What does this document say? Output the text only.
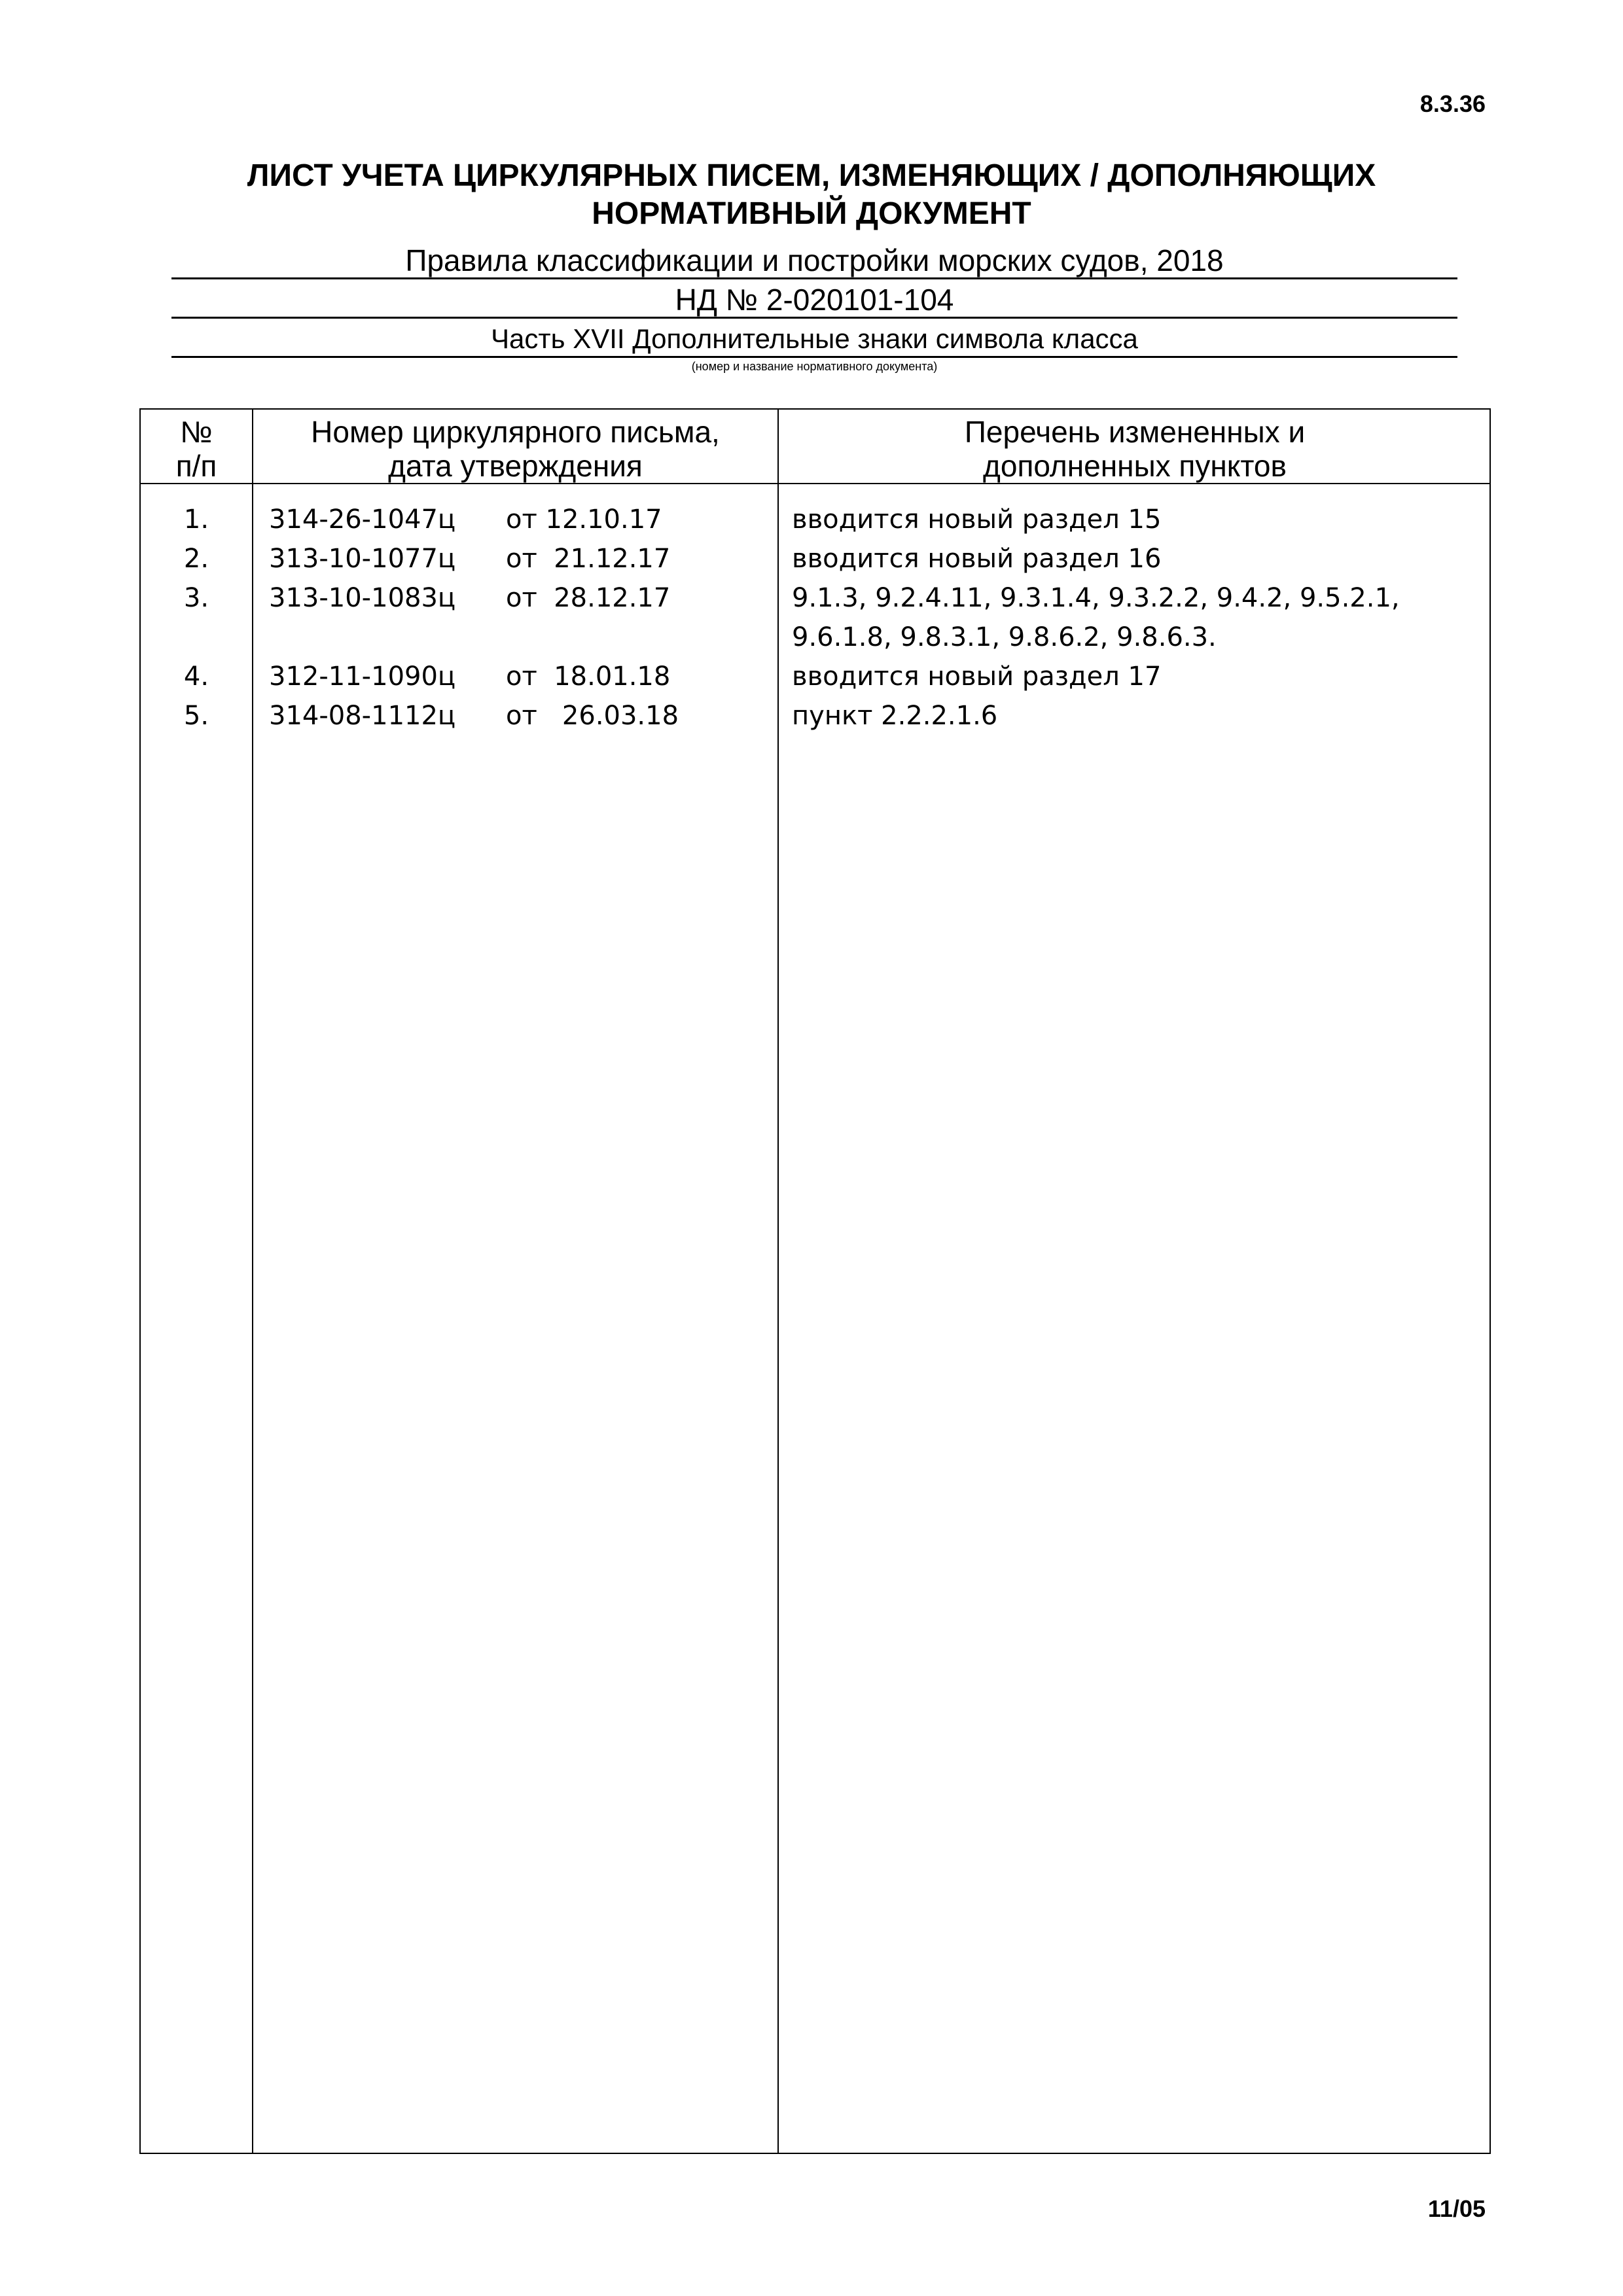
8.3.36
ЛИСТ УЧЕТА ЦИРКУЛЯРНЫХ ПИСЕМ, ИЗМЕНЯЮЩИХ / ДОПОЛНЯЮЩИХ
НОРМАТИВНЫЙ ДОКУМЕНТ
Правила классификации и постройки морских судов, 2018
НД № 2-020101-104
Часть XVII Дополнительные знаки символа класса
(номер и название нормативного документа)
№
п/п
Номер циркулярного письма,
дата утверждения
Перечень измененных и
дополненных пунктов
1.	314-26-1047ц от 12.10.17	вводится новый раздел 15
2.	313-10-1077ц от  21.12.17	вводится новый раздел 16
3.	313-10-1083ц от  28.12.17	9.1.3, 9.2.4.11, 9.3.1.4, 9.3.2.2, 9.4.2, 9.5.2.1, 9.6.1.8, 9.8.3.1, 9.8.6.2, 9.8.6.3.
4.	312-11-1090ц от  18.01.18	вводится новый раздел 17
5.	314-08-1112ц от   26.03.18	пункт 2.2.2.1.6
11/05
